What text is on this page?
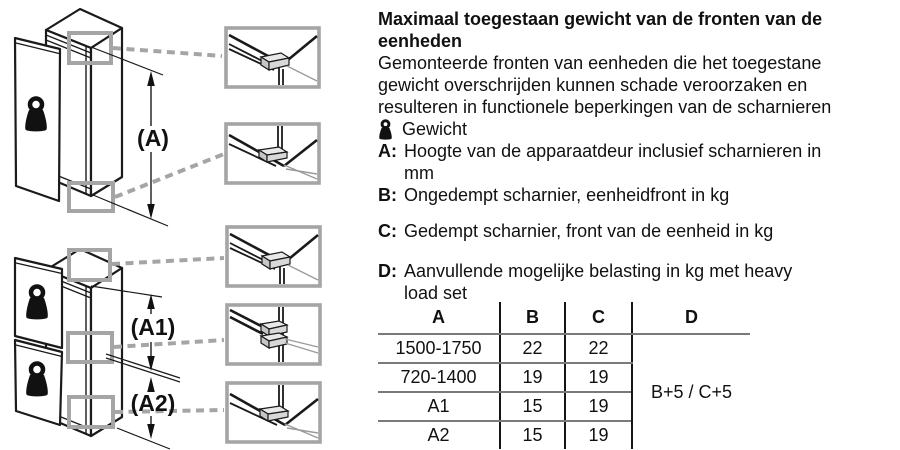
(A)
(A1)
(A2)
Maximaal toegestaan gewicht van de fronten van de
eenheden
Gemonteerde fronten van eenheden die het toegestane
gewicht overschrijden kunnen schade veroorzaken en
resulteren in functionele beperkingen van de scharnieren
Gewicht
A: Hoogte van de apparaatdeur inclusief scharnieren in
mm
B: Ongedempt scharnier, eenheidfront in kg
C: Gedempt scharnier, front van de eenheid in kg
D: Aanvullende mogelijke belasting in kg met heavy
load set
A	B	C	D
1500-1750	22	22	B+5 / C+5
720-1400	19	19	
A1	15	19	
A2	15	19	
